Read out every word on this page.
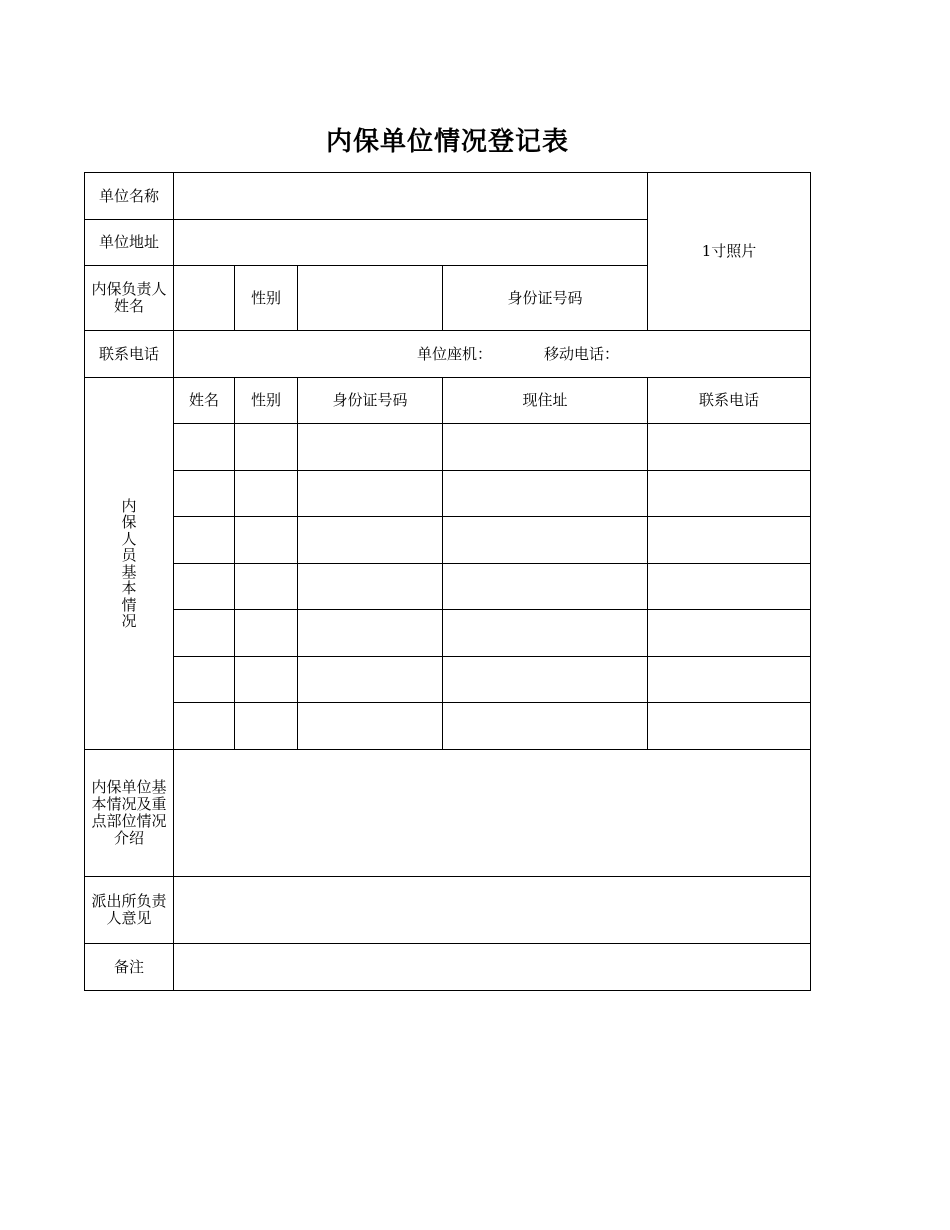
内保单位情况登记表
单位名称					1寸照片
单位地址					

内保负责人姓名		性别		身份证号码	
联系电话	单位座机： 移动电话：				

内保人员基本情况	姓名	性别	身份证号码	现住址	联系电话

内保单位基本情况及重点部位情况介绍					

派出所负责人意见					

备注					
